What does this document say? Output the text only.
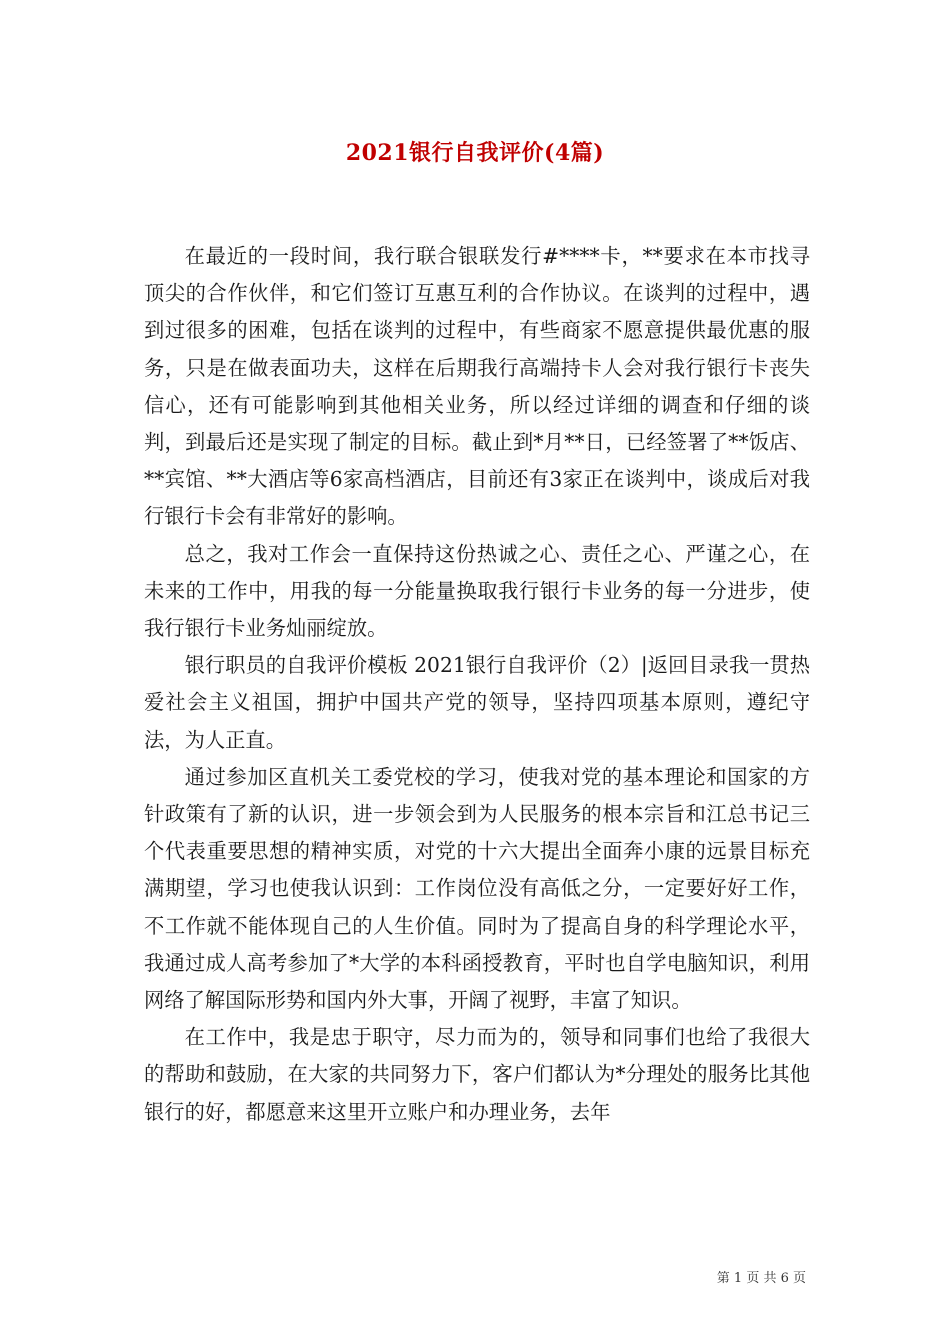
2021银行自我评价(4篇)

在最近的一段时间，我行联合银联发行#****卡，**要求在本市找寻顶尖的合作伙伴，和它们签订互惠互利的合作协议。在谈判的过程中，遇到过很多的困难，包括在谈判的过程中，有些商家不愿意提供最优惠的服务，只是在做表面功夫，这样在后期我行高端持卡人会对我行银行卡丧失信心，还有可能影响到其他相关业务，所以经过详细的调查和仔细的谈判，到最后还是实现了制定的目标。截止到*月**日，已经签署了**饭店、**宾馆、**大酒店等6家高档酒店，目前还有3家正在谈判中，谈成后对我行银行卡会有非常好的影响。

总之，我对工作会一直保持这份热诚之心、责任之心、严谨之心，在未来的工作中，用我的每一分能量换取我行银行卡业务的每一分进步，使我行银行卡业务灿丽绽放。

银行职员的自我评价模板 2021银行自我评价（2）|返回目录我一贯热爱社会主义祖国，拥护中国共产党的领导，坚持四项基本原则，遵纪守法，为人正直。

通过参加区直机关工委党校的学习，使我对党的基本理论和国家的方针政策有了新的认识，进一步领会到为人民服务的根本宗旨和江总书记三个代表重要思想的精神实质，对党的十六大提出全面奔小康的远景目标充满期望，学习也使我认识到：工作岗位没有高低之分，一定要好好工作，不工作就不能体现自己的人生价值。同时为了提高自身的科学理论水平，我通过成人高考参加了*大学的本科函授教育，平时也自学电脑知识，利用网络了解国际形势和国内外大事，开阔了视野，丰富了知识。

在工作中，我是忠于职守，尽力而为的，领导和同事们也给了我很大的帮助和鼓励，在大家的共同努力下，客户们都认为*分理处的服务比其他银行的好，都愿意来这里开立账户和办理业务，去年

第 1 页 共 6 页
